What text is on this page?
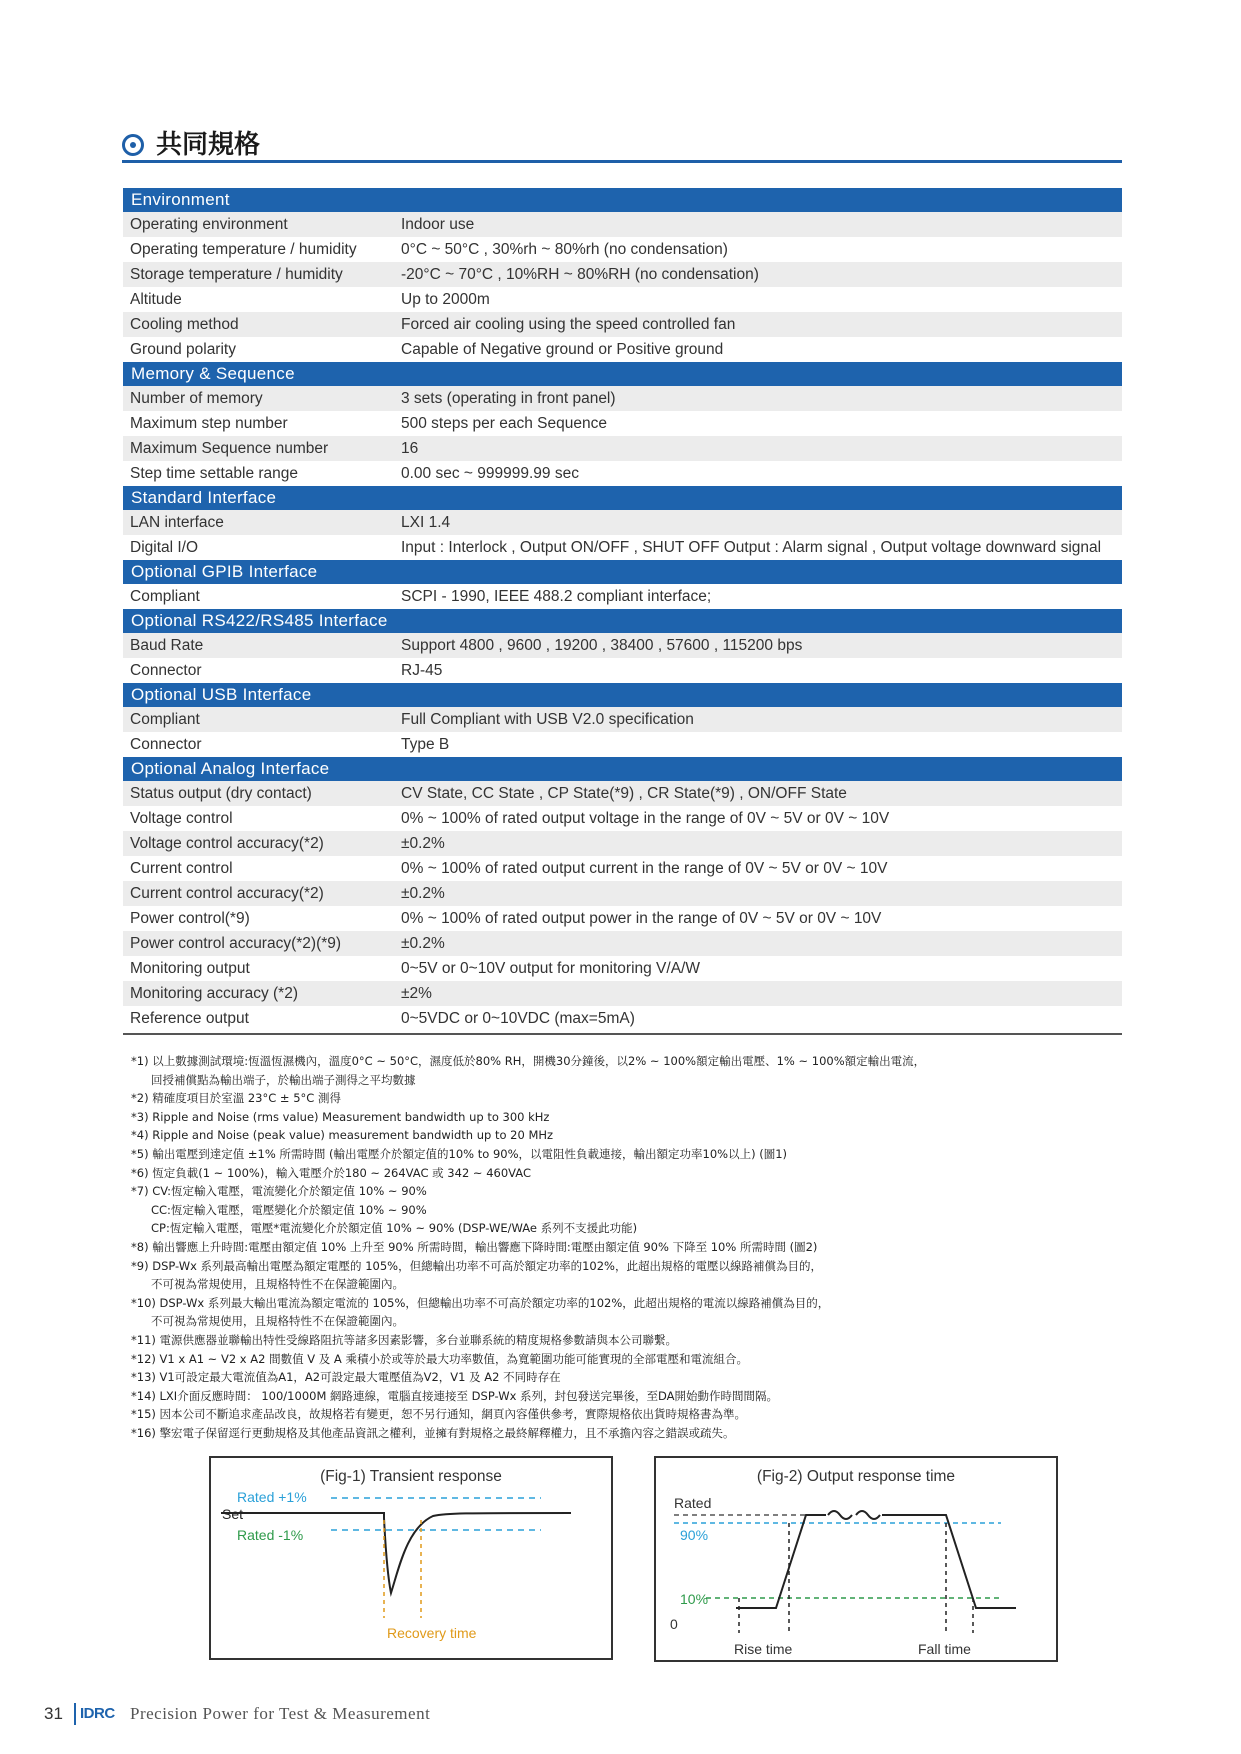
共同規格
Environment
Operating environment	Indoor use
Operating temperature / humidity	0°C ~ 50°C , 30%rh ~ 80%rh (no condensation)
Storage temperature / humidity	-20°C ~ 70°C , 10%RH ~ 80%RH (no condensation)
Altitude	Up to 2000m
Cooling method	Forced air cooling using the speed controlled fan
Ground polarity	Capable of Negative ground or Positive ground
Memory & Sequence
Number of memory	3 sets (operating in front panel)
Maximum step number	500 steps per each Sequence
Maximum Sequence number	16
Step time settable range	0.00 sec ~ 999999.99 sec
Standard Interface
LAN interface	LXI 1.4
Digital I/O	Input : Interlock , Output ON/OFF , SHUT OFF Output : Alarm signal , Output voltage downward signal
Optional GPIB Interface
Compliant	SCPI - 1990, IEEE 488.2 compliant interface;
Optional RS422/RS485 Interface
Baud Rate	Support 4800 , 9600 , 19200 , 38400 , 57600 , 115200 bps
Connector	RJ-45
Optional USB Interface
Compliant	Full Compliant with USB V2.0 specification
Connector	Type B
Optional Analog Interface
Status output (dry contact)	CV State, CC State , CP State(*9) , CR State(*9) , ON/OFF State
Voltage control	0% ~ 100% of rated output voltage in the range of 0V ~ 5V or 0V ~ 10V
Voltage control accuracy(*2)	±0.2%
Current control	0% ~ 100% of rated output current in the range of 0V ~ 5V or 0V ~ 10V
Current control accuracy(*2)	±0.2%
Power control(*9)	0% ~ 100% of rated output power in the range of 0V ~ 5V or 0V ~ 10V
Power control accuracy(*2)(*9)	±0.2%
Monitoring output	0~5V or 0~10V output for monitoring V/A/W
Monitoring accuracy (*2)	±2%
Reference output	0~5VDC or 0~10VDC (max=5mA)
*1) 以上數據測試環境:恆溫恆濕機內，溫度0°C ~ 50°C，濕度低於80% RH，開機30分鐘後，以2% ~ 100%額定輸出電壓、1% ~ 100%額定輸出電流，
回授補償點為輸出端子，於輸出端子測得之平均數據
*2) 精確度項目於室溫 23°C ± 5°C 測得
*3) Ripple and Noise (rms value) Measurement bandwidth up to 300 kHz
*4) Ripple and Noise (peak value) measurement bandwidth up to 20 MHz
*5) 輸出電壓到達定值 ±1% 所需時間 (輸出電壓介於額定值的10% to 90%，以電阻性負載連接，輸出額定功率10%以上) (圖1)
*6) 恆定負載(1 ~ 100%)，輸入電壓介於180 ~ 264VAC 或 342 ~ 460VAC
*7) CV:恆定輸入電壓，電流變化介於額定值 10% ~ 90%
CC:恆定輸入電壓，電壓變化介於額定值 10% ~ 90%
CP:恆定輸入電壓，電壓*電流變化介於額定值 10% ~ 90% (DSP-WE/WAe 系列不支援此功能)
*8) 輸出響應上升時間:電壓由額定值 10% 上升至 90% 所需時間，輸出響應下降時間:電壓由額定值 90% 下降至 10% 所需時間 (圖2)
*9) DSP-Wx 系列最高輸出電壓為額定電壓的 105%，但總輸出功率不可高於額定功率的102%，此超出規格的電壓以線路補償為目的，
不可視為常規使用，且規格特性不在保證範圍內。
*10) DSP-Wx 系列最大輸出電流為額定電流的 105%，但總輸出功率不可高於額定功率的102%，此超出規格的電流以線路補償為目的，
不可視為常規使用，且規格特性不在保證範圍內。
*11) 電源供應器並聯輸出特性受線路阻抗等諸多因素影響，多台並聯系統的精度規格參數請與本公司聯繫。
*12) V1 x A1 ~ V2 x A2 間數值 V 及 A 乘積小於或等於最大功率數值，為寬範圍功能可能實現的全部電壓和電流組合。
*13) V1可設定最大電流值為A1，A2可設定最大電壓值為V2，V1 及 A2 不同時存在
*14) LXI介面反應時間： 100/1000M 網路連線，電腦直接連接至 DSP-Wx 系列，封包發送完畢後，至DA開始動作時間間隔。
*15) 因本公司不斷追求產品改良，故規格若有變更，恕不另行通知，網頁內容僅供參考，實際規格依出貨時規格書為準。
*16) 擎宏電子保留逕行更動規格及其他產品資訊之權利，並擁有對規格之最終解釋權力，且不承擔內容之錯誤或疏失。
(Fig-1) Transient response
Rated +1%
Set
Rated -1%
Recovery time
(Fig-2) Output response time
Rated
90%
10%
0
Rise time	Fall time
31 IDRC Precision Power for Test & Measurement
